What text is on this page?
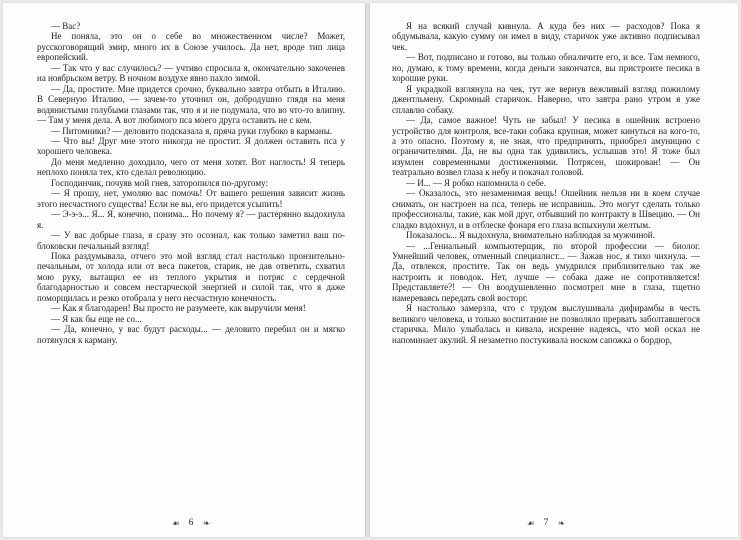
— Вас?

Не поняла, это он о себе во множественном числе? Может, русскоговорящий эмир, много их в Союзе училось. Да нет, вроде тип лица европейский.

— Так что у вас случилось? — учтиво спросила я, окончательно закоченев на ноябрьском ветру. В ночном воздухе явно пахло зимой.

— Да, простите. Мне придется срочно, буквально завтра отбыть в Италию. В Северную Италию, — зачем-то уточнил он, добродушно глядя на меня водянистыми голубыми глазами так, что я и не подумала, что во что-то влипну. — Там у меня дела. А вот любимого пса моего друга оставить не с кем.

— Питомники? — деловито подсказала я, пряча руки глубоко в карманы.

— Что вы! Друг мне этого никогда не простит. Я должен оставить пса у хорошего человека.

До меня медленно доходило, чего от меня хотят. Вот наглость! Я теперь неплохо поняла тех, кто сделал революцию.

Господинчик, почуяв мой гнев, заторопился по-другому:

— Я прошу, нет, умоляю вас помочь! От вашего решения зависит жизнь этого несчастного существа! Если не вы, его придется усыпить!

— Э-э-э... Я... Я, конечно, понима... Но почему я? — растерянно выдохнула я.

— У вас добрые глаза, я сразу это осознал, как только заметил ваш по-блоковски печальный взгляд!

Пока раздумывала, отчего это мой взгляд стал настолько пронзительно-печальным, от холода или от веса пакетов, старик, не дав ответить, схватил мою руку, вытащил ее из теплого укрытия и потряс с сердечной благодарностью и совсем нестарческой энергией и силой так, что я даже поморщилась и резко отобрала у него несчастную конечность.

— Как я благодарен! Вы просто не разумеете, как выручили меня!

— Я как бы еще не со...

— Да, конечно, у вас будут расходы... — деловито перебил он и мягко потянулся к карману.

☙ 6 ❧

Я на всякий случай кивнула. А куда без них — расходов? Пока я обдумывала, какую сумму он имел в виду, старичок уже активно подписывал чек.

— Вот, подписано и готово, вы только обналичите его, и все. Там немного, но, думаю, к тому времени, когда деньги закончатся, вы пристроите песика в хорошие руки.

Я украдкой взглянула на чек, тут же вернув вежливый взгляд пожилому джентльмену. Скромный старичок. Наверно, что завтра рано утром я уже сплавлю собаку.

— Да, самое важное! Чуть не забыл! У песика в ошейник встроено устройство для контроля, все-таки собака крупная, может кинуться на кого-то, а это опасно. Поэтому я, не зная, что предпринять, приобрел амуницию с ограничителями. Да, не вы одна так удивились, услышав это! Я тоже был изумлен современными достижениями. Потрясен, шокирован! — Он театрально возвел глаза к небу и покачал головой.

— И... — Я робко напомнила о себе.

— Оказалось, это незаменимая вещь! Ошейник нельзя ни в коем случае снимать, он настроен на пса, теперь не исправишь. Это могут сделать только профессионалы, такие, как мой друг, отбывший по контракту в Швецию. — Он сладко вздохнул, и в отблеске фонаря его глаза вспыхнули желтым.

Показалось... Я выдохнула, внимательно наблюдая за мужчиной.

— ...Гениальный компьютерщик, по второй профессии — биолог. Умнейший человек, отменный специалист... — Зажав нос, я тихо чихнула. — Да, отвлекся, простите. Так он ведь умудрился приблизительно так же настроить и поводок. Нет, лучше — собака даже не сопротивляется! Представляете?! — Он воодушевленно посмотрел мне в глаза, тщетно намереваясь передать свой восторг.

Я настолько замерзла, что с трудом выслушивала дифирамбы в честь великого человека, и только воспитание не позволяло прервать заболтавшегося старичка. Мило улыбалась и кивала, искренне надеясь, что мой оскал не напоминает акулий. Я незаметно постукивала носком сапожка о бордюр,

☙ 7 ❧
